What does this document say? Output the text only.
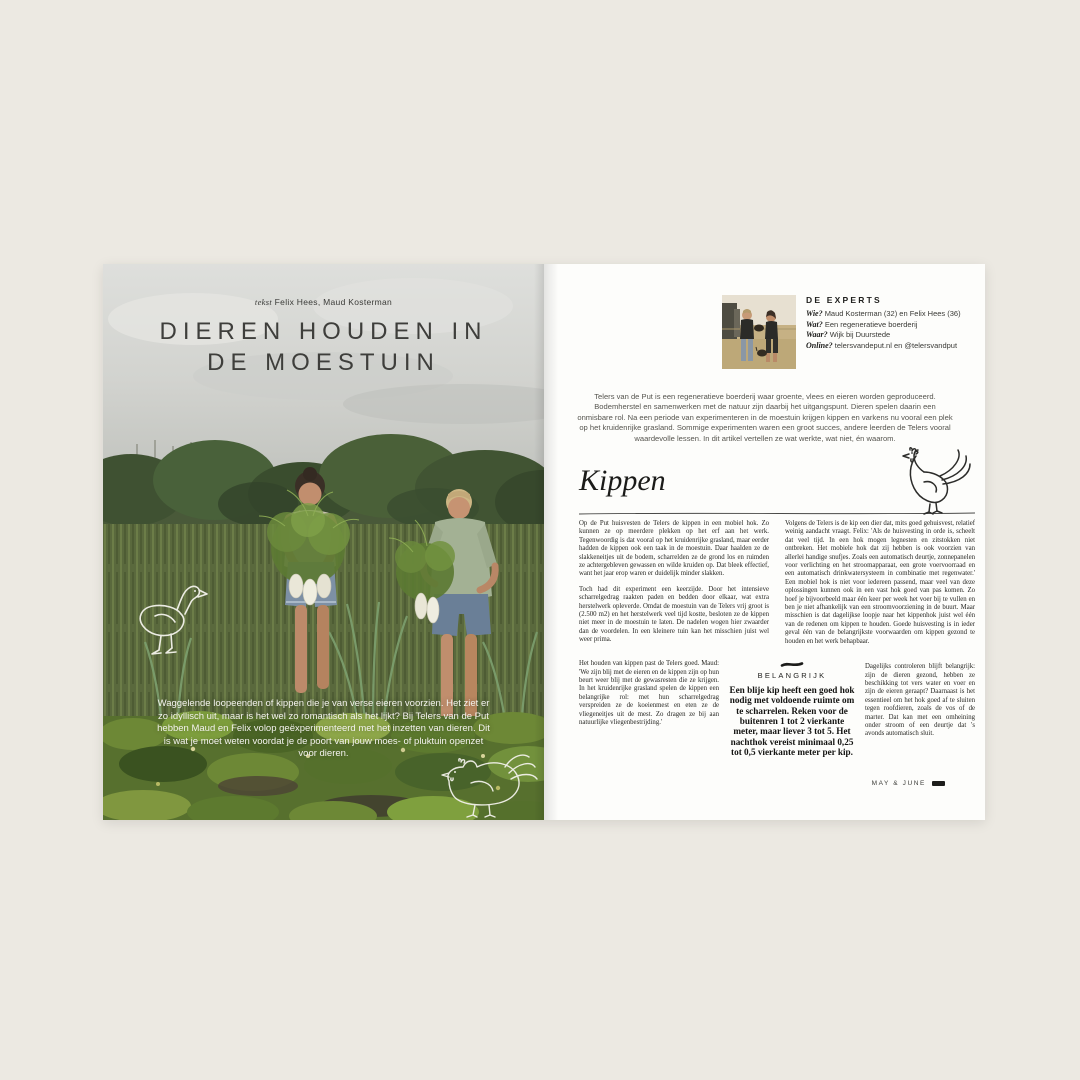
tekst Felix Hees, Maud Kosterman
DIEREN HOUDEN IN
DE MOESTUIN

Waggelende loopeenden of kippen die je van verse eieren voorzien. Het ziet er zo idyllisch uit, maar is het wel zo romantisch als het lijkt? Bij Telers van de Put hebben Maud en Felix volop geëxperimenteerd met het inzetten van dieren. Dit is wat je moet weten voordat je de poort van jouw moes- of pluktuin openzet voor dieren.

DE EXPERTS
Wie? Maud Kosterman (32) en Felix Hees (36)
Wat? Een regeneratieve boerderij
Waar? Wijk bij Duurstede
Online? telersvandeput.nl en @telersvandput

Telers van de Put is een regeneratieve boerderij waar groente, vlees en eieren worden geproduceerd. Bodemherstel en samenwerken met de natuur zijn daarbij het uitgangspunt. Dieren spelen daarin een onmisbare rol. Na een periode van experimenteren in de moestuin krijgen kippen en varkens nu vooral een plek op het kruidenrijke grasland. Sommige experimenten waren een groot succes, andere leerden de Telers vooral waardevolle lessen. In dit artikel vertellen ze wat werkte, wat niet, én waarom.

Kippen

Op de Put huisvesten de Telers de kippen in een mobiel hok. Zo kunnen ze op meerdere plekken op het erf aan het werk. Tegenwoordig is dat vooral op het kruidenrijke grasland, maar eerder hadden de kippen ook een taak in de moestuin. Daar haalden ze de slakkeneitjes uit de bodem, scharrelden ze de grond los en ruimden ze achtergebleven gewassen en wilde kruiden op. Dat bleek effectief, want het jaar erop waren er duidelijk minder slakken.

Toch had dit experiment een keerzijde. Door het intensieve scharrelgedrag raakten paden en bedden door elkaar, wat extra herstelwerk opleverde. Omdat de moestuin van de Telers vrij groot is (2.500 m2) en het herstelwerk veel tijd kostte, besloten ze de kippen niet meer in de moestuin te laten. De nadelen wogen hier zwaarder dan de voordelen. In een kleinere tuin kan het misschien juist wel weer prima.

Volgens de Telers is de kip een dier dat, mits goed gehuisvest, relatief weinig aandacht vraagt. Felix: 'Als de huisvesting in orde is, scheelt dat veel tijd. In een hok mogen legnesten en zitstokken niet ontbreken. Het mobiele hok dat zij hebben is ook voorzien van allerlei handige snufjes. Zoals een automatisch deurtje, zonnepanelen voor verlichting en het stroomapparaat, een grote voervoorraad en een automatisch drinkwatersysteem in combinatie met regenwater.' Een mobiel hok is niet voor iedereen passend, maar veel van deze oplossingen kunnen ook in een vast hok goed van pas komen. Zo hoef je bijvoorbeeld maar één keer per week het voer bij te vullen en ben je niet afhankelijk van een stroomvoorziening in de buurt. Maar misschien is dat dagelijkse loopje naar het kippenhok juist wel één van de redenen om kippen te houden. Goede huisvesting is in ieder geval één van de belangrijkste voorwaarden om kippen gezond te houden en het werk behapbaar.

Het houden van kippen past de Telers goed. Maud: 'We zijn blij met de eieren en de kippen zijn op hun beurt weer blij met de gewasresten die ze krijgen. In het kruidenrijke grasland spelen de kippen een belangrijke rol: met hun scharrelgedrag verspreiden ze de koeienmest en eten ze de vliegeneitjes uit de mest. Zo dragen ze bij aan natuurlijke vliegenbestrijding.'

BELANGRIJK
Een blije kip heeft een goed hok nodig met voldoende ruimte om te scharrelen. Reken voor de buitenren 1 tot 2 vierkante meter, maar liever 3 tot 5. Het nachthok vereist minimaal 0,25 tot 0,5 vierkante meter per kip.

Dagelijks controleren blijft belangrijk: zijn de dieren gezond, hebben ze beschikking tot vers water en voer en zijn de eieren geraapt? Daarnaast is het essentieel om het hok goed af te sluiten tegen roofdieren, zoals de vos of de marter. Dat kan met een omheining onder stroom of een deurtje dat 's avonds automatisch sluit.

MAY & JUNE
